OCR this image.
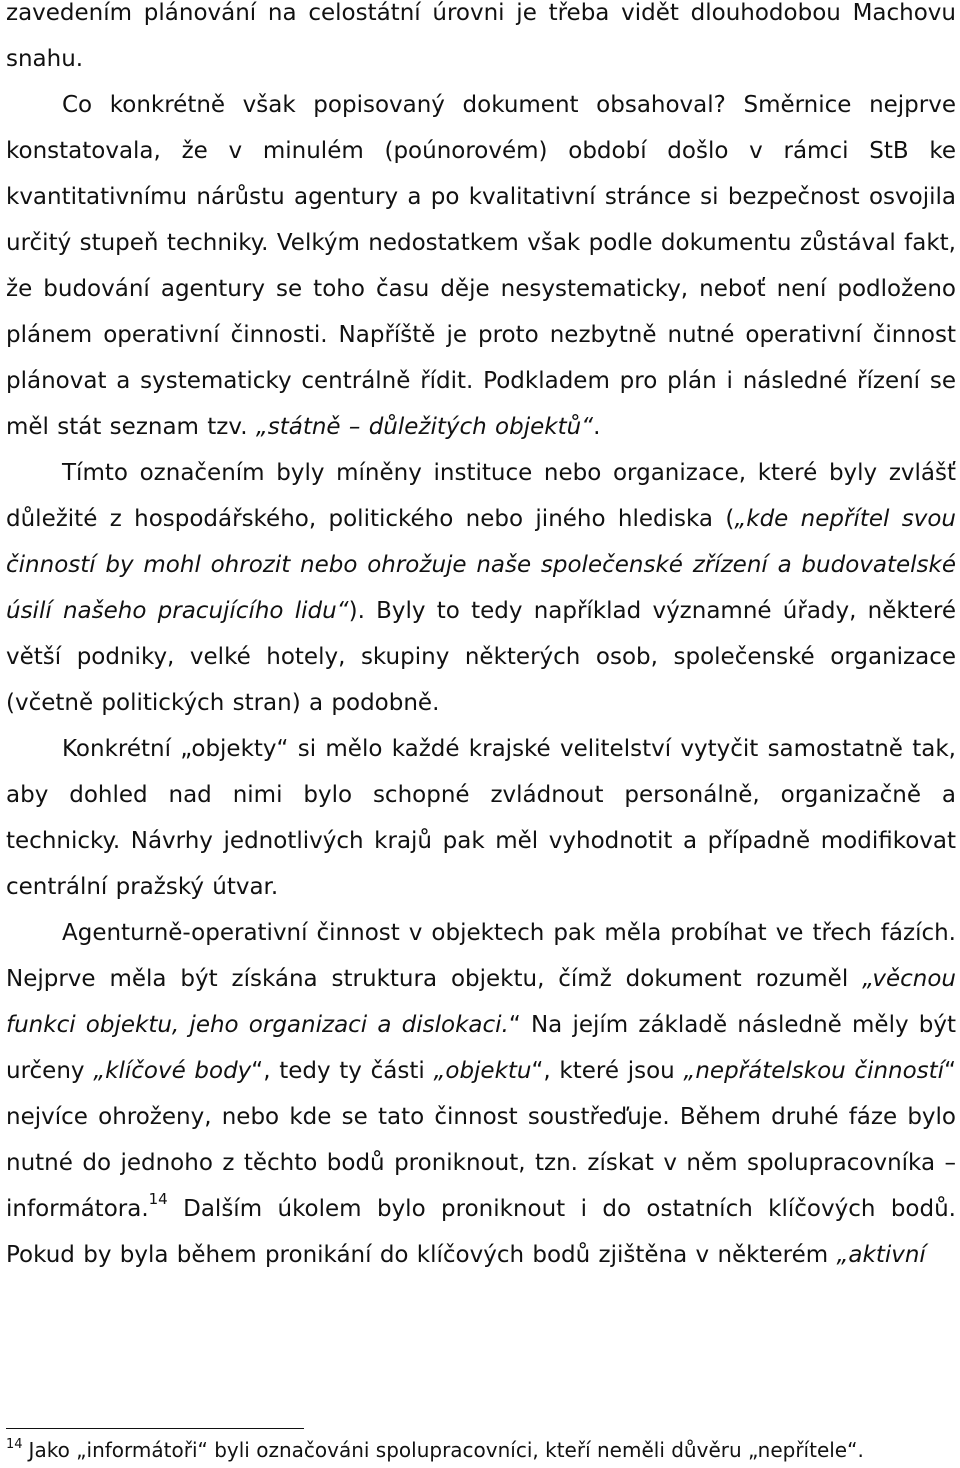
zavedením plánování na celostátní úrovni je třeba vidět dlouhodobou Machovu snahu.

Co konkrétně však popisovaný dokument obsahoval? Směrnice nejprve konstatovala, že v minulém (poúnorovém) období došlo v rámci StB ke kvantitativnímu nárůstu agentury a po kvalitativní stránce si bezpečnost osvojila určitý stupeň techniky. Velkým nedostatkem však podle dokumentu zůstával fakt, že budování agentury se toho času děje nesystematicky, neboť není podloženo plánem operativní činnosti. Napříště je proto nezbytně nutné operativní činnost plánovat a systematicky centrálně řídit. Podkladem pro plán i následné řízení se měl stát seznam tzv. „státně – důležitých objektů“.

Tímto označením byly míněny instituce nebo organizace, které byly zvlášť důležité z hospodářského, politického nebo jiného hlediska („kde nepřítel svou činností by mohl ohrozit nebo ohrožuje naše společenské zřízení a budovatelské úsilí našeho pracujícího lidu“). Byly to tedy například významné úřady, některé větší podniky, velké hotely, skupiny některých osob, společenské organizace (včetně politických stran) a podobně.

Konkrétní „objekty“ si mělo každé krajské velitelství vytyčit samostatně tak, aby dohled nad nimi bylo schopné zvládnout personálně, organizačně a technicky. Návrhy jednotlivých krajů pak měl vyhodnotit a případně modifikovat centrální pražský útvar.

Agenturně-operativní činnost v objektech pak měla probíhat ve třech fázích. Nejprve měla být získána struktura objektu, čímž dokument rozuměl „věcnou funkci objektu, jeho organizaci a dislokaci.“ Na jejím základě následně měly být určeny „klíčové body“, tedy ty části „objektu“, které jsou „nepřátelskou činností“ nejvíce ohroženy, nebo kde se tato činnost soustřeďuje. Během druhé fáze bylo nutné do jednoho z těchto bodů proniknout, tzn. získat v něm spolupracovníka – informátora.$^{14}$ Dalším úkolem bylo proniknout i do ostatních klíčových bodů. Pokud by byla během pronikání do klíčových bodů zjištěna v některém „aktivní

$^{14}$ Jako „informátoři“ byli označováni spolupracovníci, kteří neměli důvěru „nepřítele“.
